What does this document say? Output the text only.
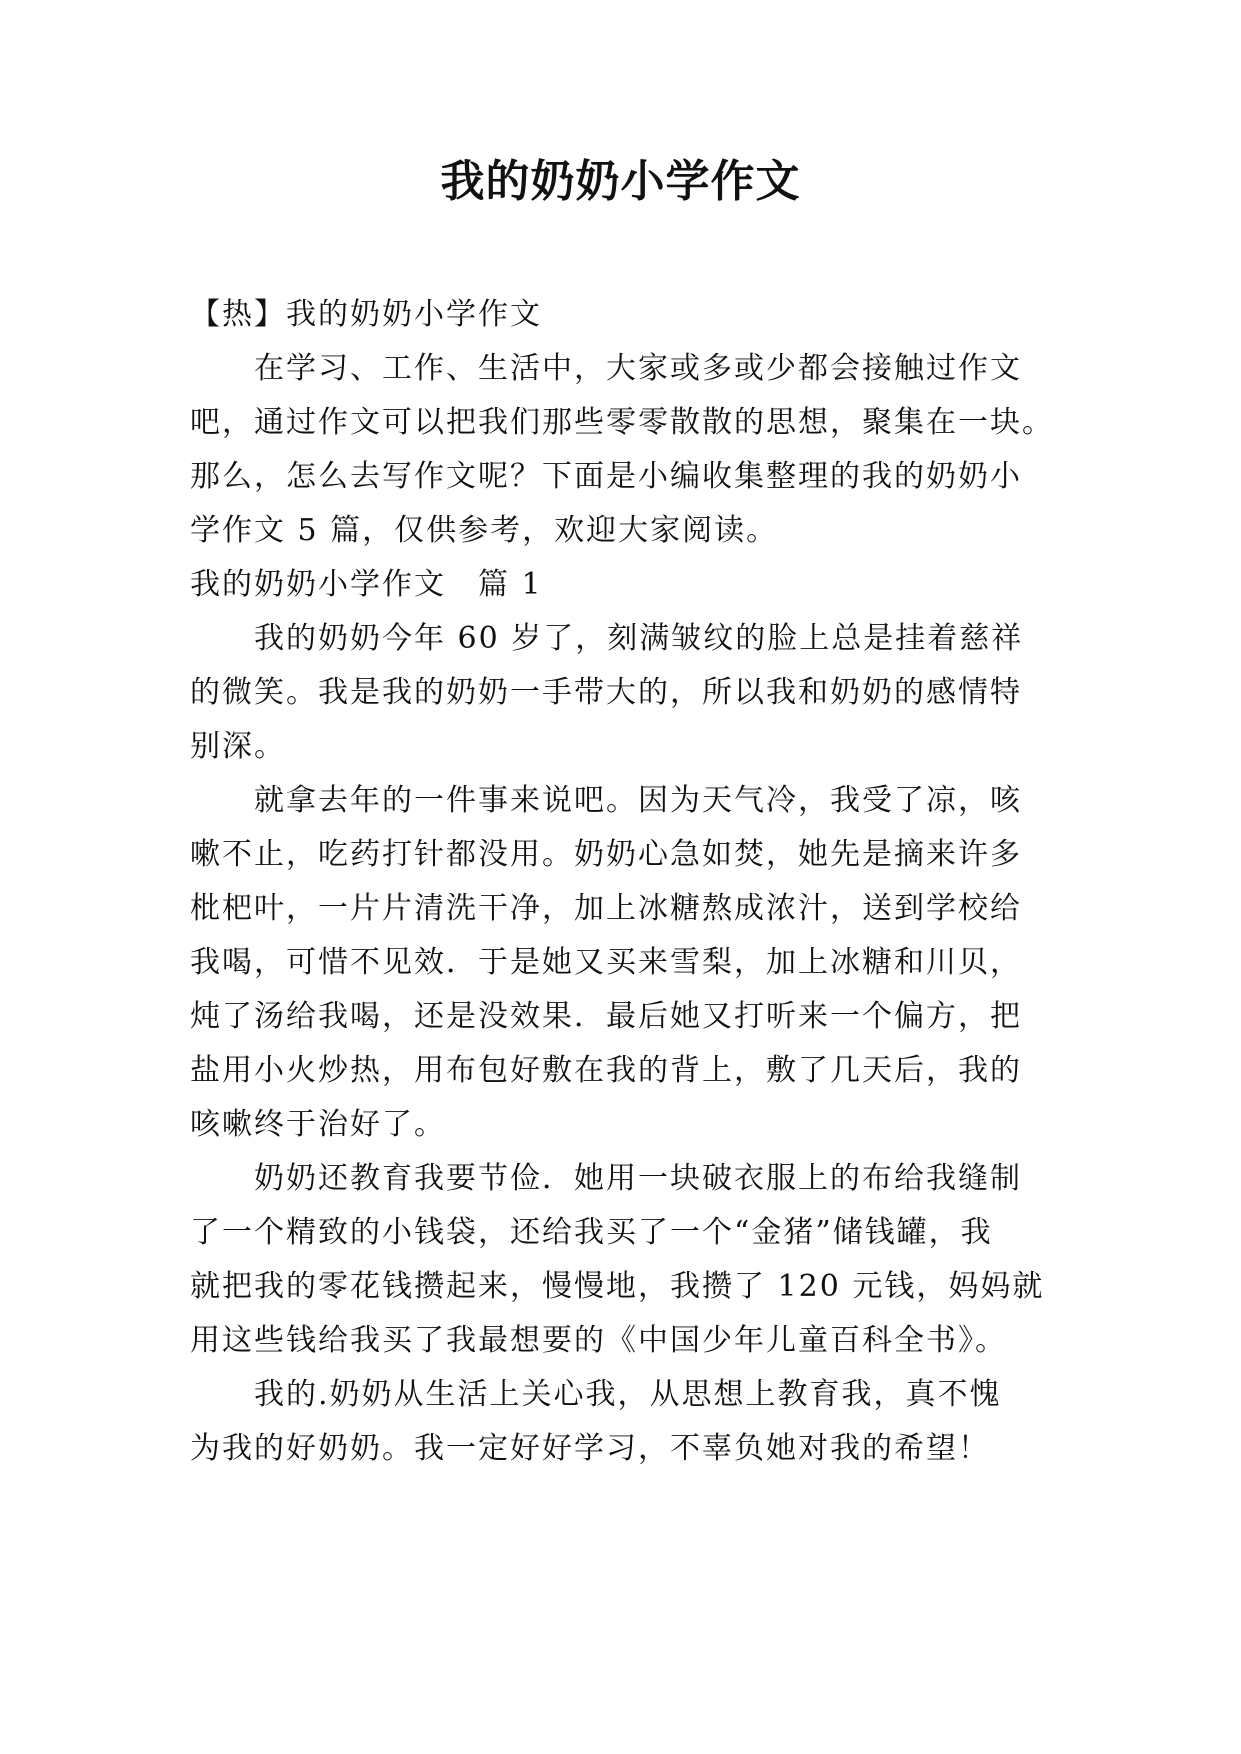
我的奶奶小学作文
【热】我的奶奶小学作文
　　在学习、工作、生活中，大家或多或少都会接触过作文
吧，通过作文可以把我们那些零零散散的思想，聚集在一块。
那么，怎么去写作文呢？下面是小编收集整理的我的奶奶小
学作文 5 篇，仅供参考，欢迎大家阅读。
我的奶奶小学作文　篇 1
　　我的奶奶今年 60 岁了，刻满皱纹的脸上总是挂着慈祥
的微笑。我是我的奶奶一手带大的，所以我和奶奶的感情特
别深。
　　就拿去年的一件事来说吧。因为天气冷，我受了凉，咳
嗽不止，吃药打针都没用。奶奶心急如焚，她先是摘来许多
枇杷叶，一片片清洗干净，加上冰糖熬成浓汁，送到学校给
我喝，可惜不见效．于是她又买来雪梨，加上冰糖和川贝，
炖了汤给我喝，还是没效果．最后她又打听来一个偏方，把
盐用小火炒热，用布包好敷在我的背上，敷了几天后，我的
咳嗽终于治好了。
　　奶奶还教育我要节俭．她用一块破衣服上的布给我缝制
了一个精致的小钱袋，还给我买了一个“金猪”储钱罐，我
就把我的零花钱攒起来，慢慢地，我攒了 120 元钱，妈妈就
用这些钱给我买了我最想要的《中国少年儿童百科全书》。
　　我的.奶奶从生活上关心我，从思想上教育我，真不愧
为我的好奶奶。我一定好好学习，不辜负她对我的希望！
